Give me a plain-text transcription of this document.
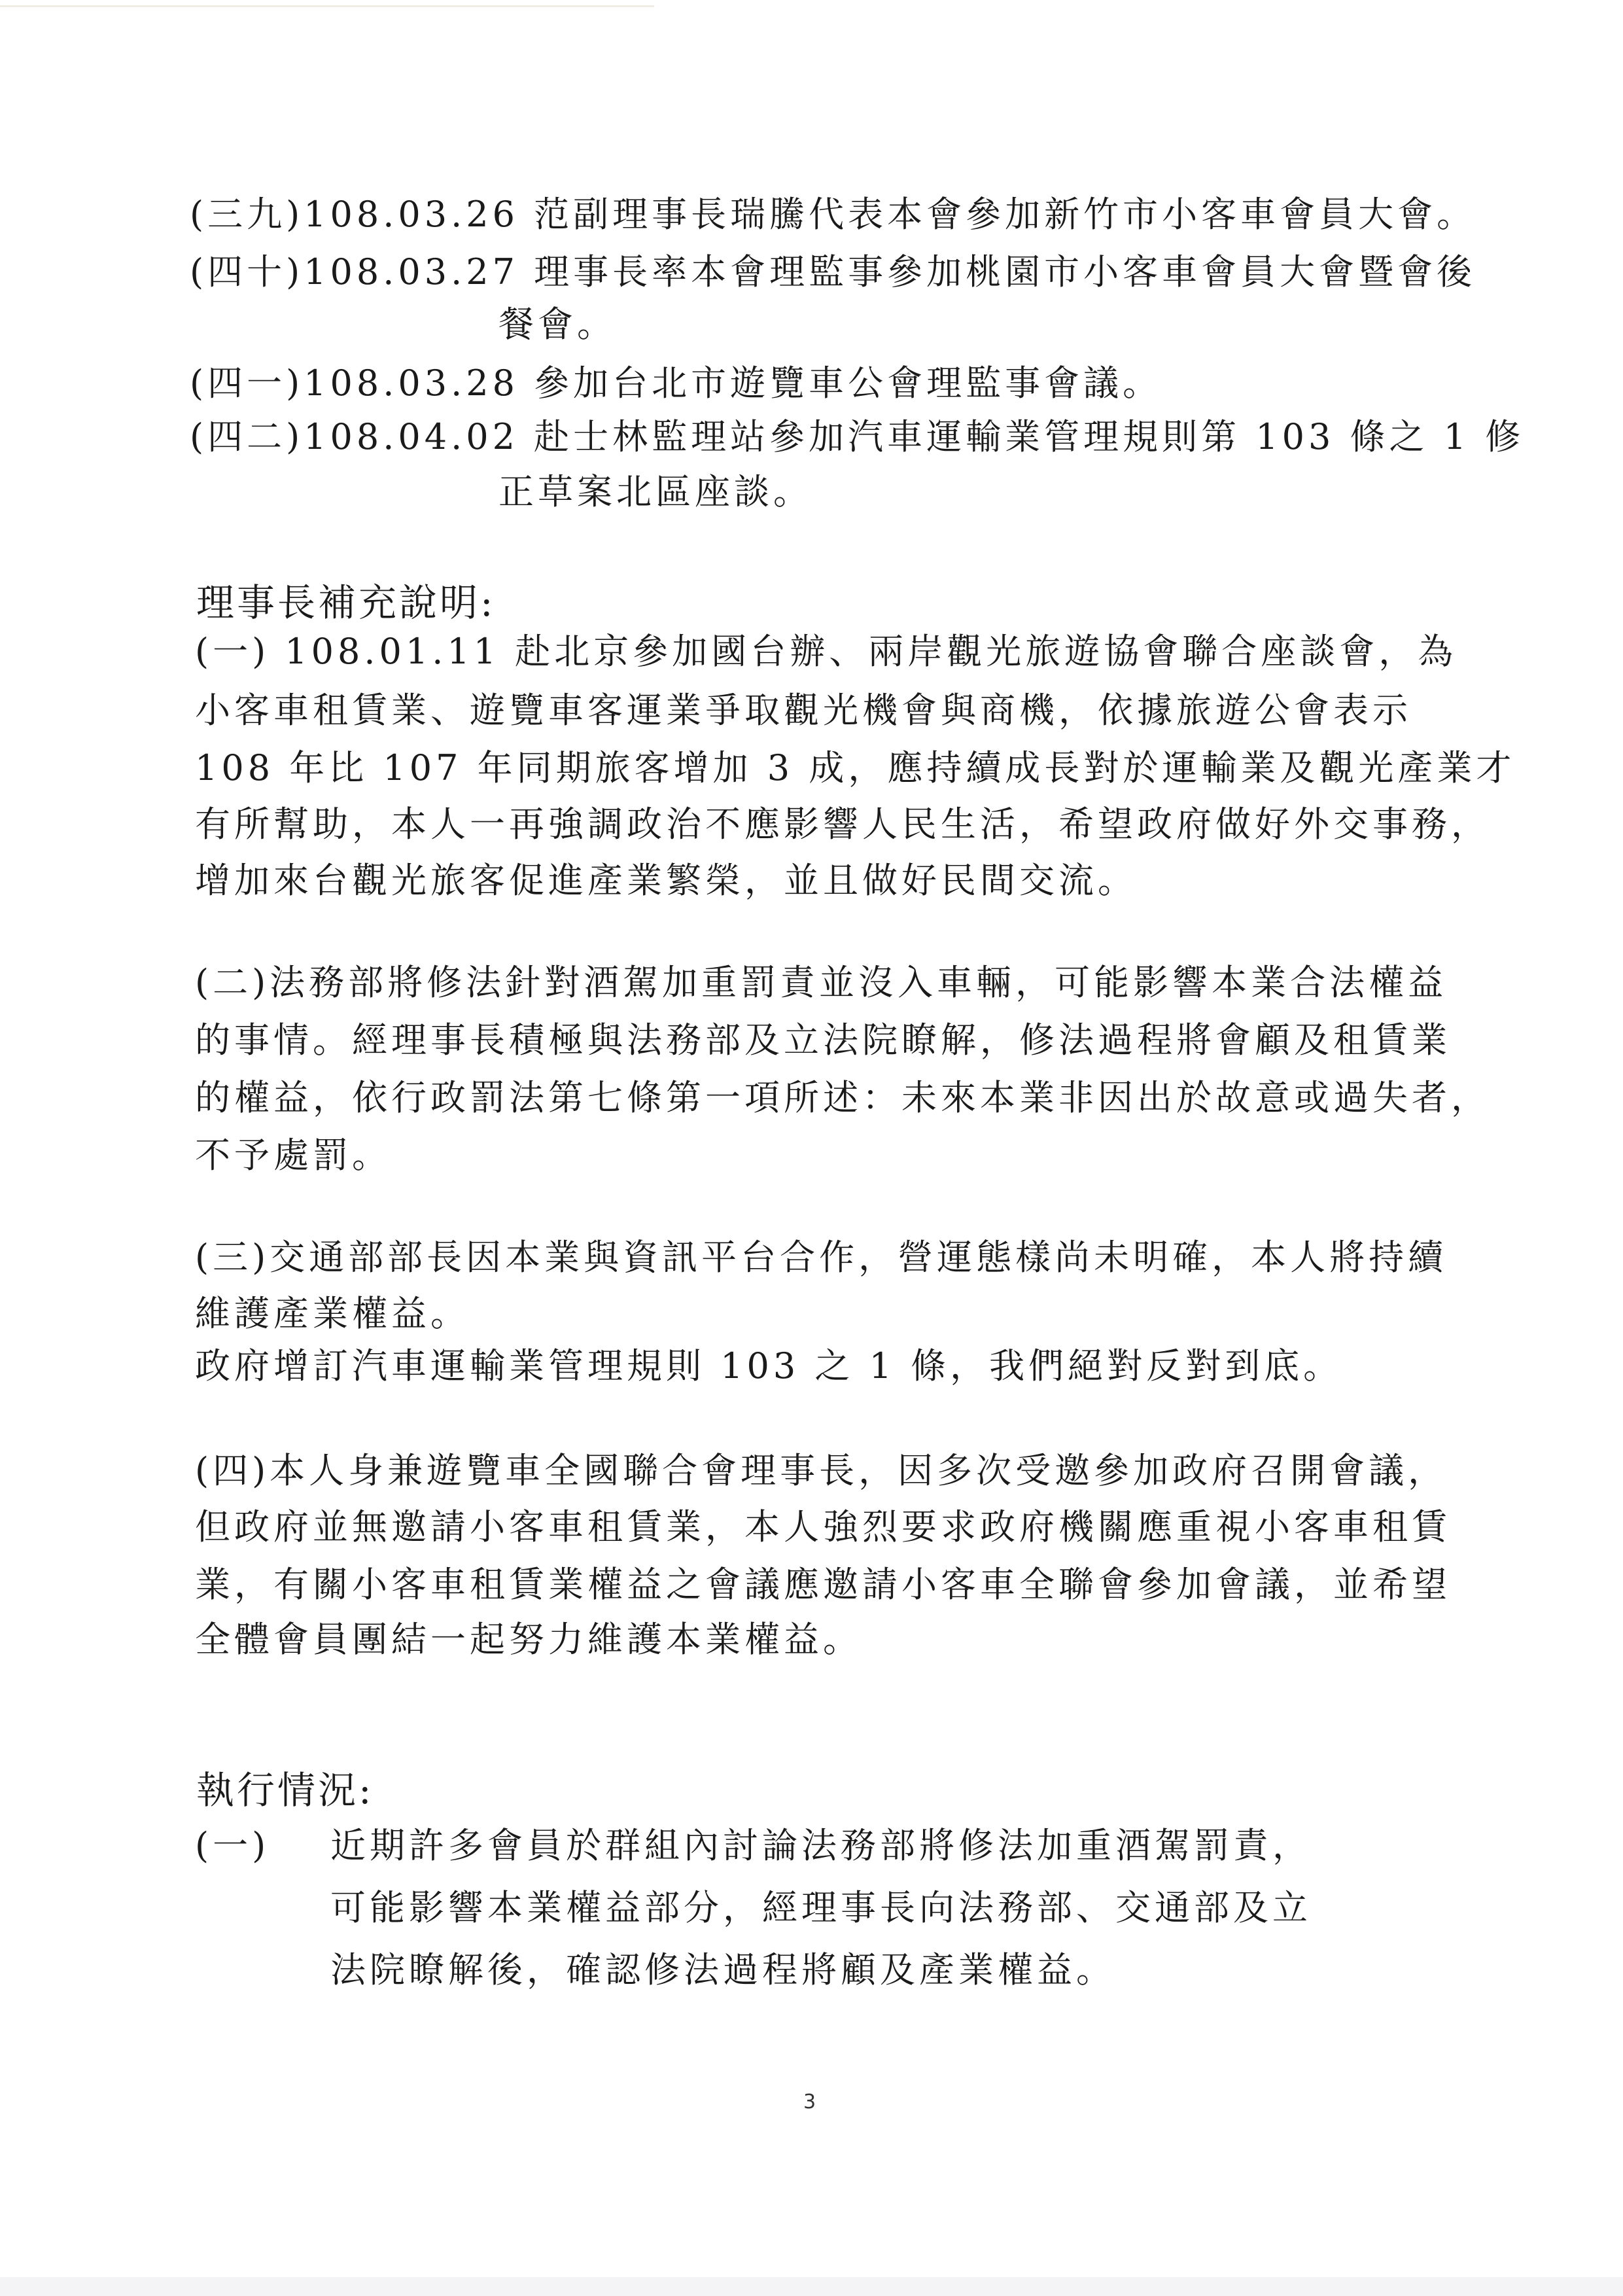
(三九)108.03.26 范副理事長瑞騰代表本會參加新竹市小客車會員大會。
(四十)108.03.27 理事長率本會理監事參加桃園市小客車會員大會暨會後
餐會。
(四一)108.03.28 參加台北市遊覽車公會理監事會議。
(四二)108.04.02 赴士林監理站參加汽車運輸業管理規則第 103 條之 1 修
正草案北區座談。
理事長補充說明:
(一) 108.01.11 赴北京參加國台辦、兩岸觀光旅遊協會聯合座談會，為
小客車租賃業、遊覽車客運業爭取觀光機會與商機，依據旅遊公會表示
108 年比 107 年同期旅客增加 3 成，應持續成長對於運輸業及觀光產業才
有所幫助，本人一再強調政治不應影響人民生活，希望政府做好外交事務，
增加來台觀光旅客促進產業繁榮，並且做好民間交流。
(二)法務部將修法針對酒駕加重罰責並沒入車輛，可能影響本業合法權益
的事情。經理事長積極與法務部及立法院瞭解，修法過程將會顧及租賃業
的權益，依行政罰法第七條第一項所述：未來本業非因出於故意或過失者，
不予處罰。
(三)交通部部長因本業與資訊平台合作，營運態樣尚未明確，本人將持續
維護產業權益。
政府增訂汽車運輸業管理規則 103 之 1 條，我們絕對反對到底。
(四)本人身兼遊覽車全國聯合會理事長，因多次受邀參加政府召開會議，
但政府並無邀請小客車租賃業，本人強烈要求政府機關應重視小客車租賃
業，有關小客車租賃業權益之會議應邀請小客車全聯會參加會議，並希望
全體會員團結一起努力維護本業權益。
執行情況:
(一) 近期許多會員於群組內討論法務部將修法加重酒駕罰責，
可能影響本業權益部分，經理事長向法務部、交通部及立
法院瞭解後，確認修法過程將顧及產業權益。
3
